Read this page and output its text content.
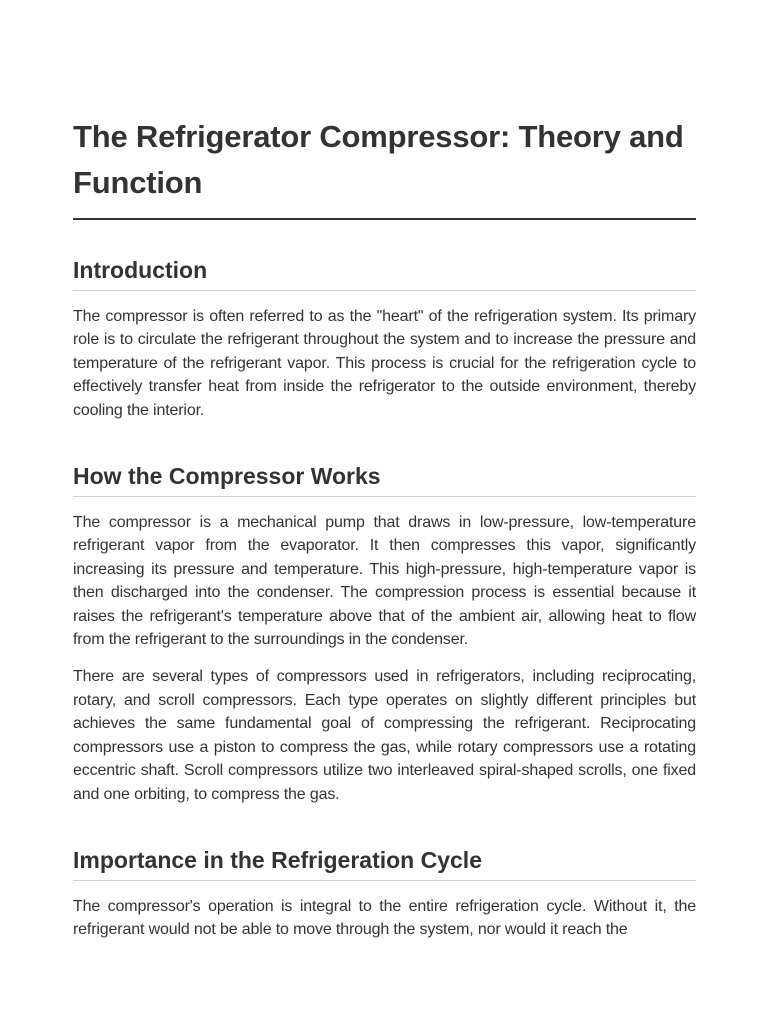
The Refrigerator Compressor: Theory and Function
Introduction

The compressor is often referred to as the "heart" of the refrigeration system. Its primary role is to circulate the refrigerant throughout the system and to increase the pressure and temperature of the refrigerant vapor. This process is crucial for the refrigeration cycle to effectively transfer heat from inside the refrigerator to the outside environment, thereby cooling the interior.

How the Compressor Works

The compressor is a mechanical pump that draws in low-pressure, low-temperature refrigerant vapor from the evaporator. It then compresses this vapor, significantly increasing its pressure and temperature. This high-pressure, high-temperature vapor is then discharged into the condenser. The compression process is essential because it raises the refrigerant's temperature above that of the ambient air, allowing heat to flow from the refrigerant to the surroundings in the condenser.

There are several types of compressors used in refrigerators, including reciprocating, rotary, and scroll compressors. Each type operates on slightly different principles but achieves the same fundamental goal of compressing the refrigerant. Reciprocating compressors use a piston to compress the gas, while rotary compressors use a rotating eccentric shaft. Scroll compressors utilize two interleaved spiral-shaped scrolls, one fixed and one orbiting, to compress the gas.

Importance in the Refrigeration Cycle

The compressor's operation is integral to the entire refrigeration cycle. Without it, the refrigerant would not be able to move through the system, nor would it reach the
